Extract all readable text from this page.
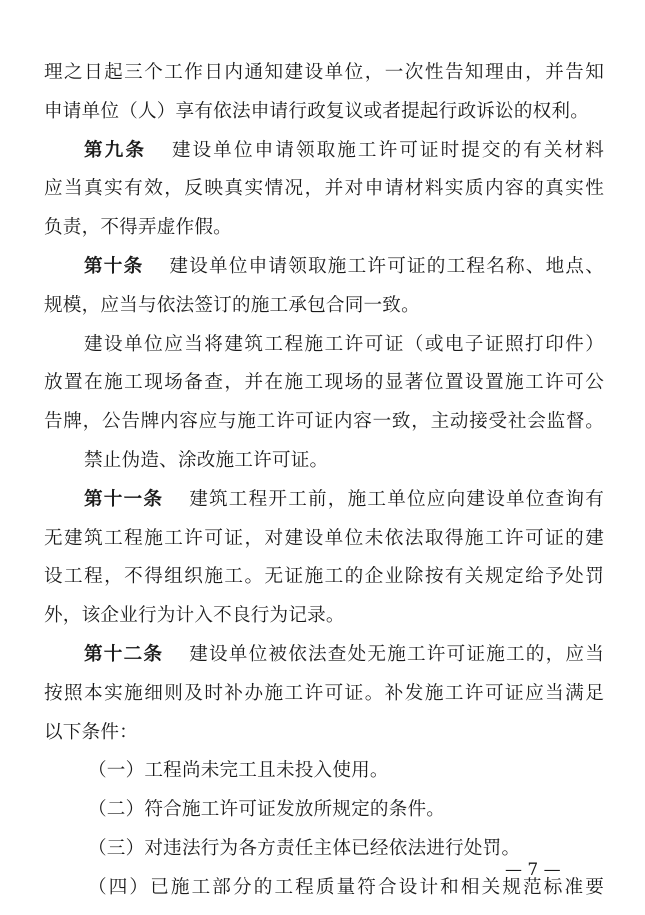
理之日起三个工作日内通知建设单位，一次性告知理由，并告知
申请单位（人）享有依法申请行政复议或者提起行政诉讼的权利。
第九条 建设单位申请领取施工许可证时提交的有关材料
应当真实有效，反映真实情况，并对申请材料实质内容的真实性
负责，不得弄虚作假。
第十条 建设单位申请领取施工许可证的工程名称、地点、
规模，应当与依法签订的施工承包合同一致。
建设单位应当将建筑工程施工许可证（或电子证照打印件）
放置在施工现场备查，并在施工现场的显著位置设置施工许可公
告牌，公告牌内容应与施工许可证内容一致，主动接受社会监督。
禁止伪造、涂改施工许可证。
第十一条 建筑工程开工前，施工单位应向建设单位查询有
无建筑工程施工许可证，对建设单位未依法取得施工许可证的建
设工程，不得组织施工。无证施工的企业除按有关规定给予处罚
外，该企业行为计入不良行为记录。
第十二条 建设单位被依法查处无施工许可证施工的，应当
按照本实施细则及时补办施工许可证。补发施工许可证应当满足
以下条件：
（一）工程尚未完工且未投入使用。
（二）符合施工许可证发放所规定的条件。
（三）对违法行为各方责任主体已经依法进行处罚。
（四）已施工部分的工程质量符合设计和相关规范标准要
— 7 —
